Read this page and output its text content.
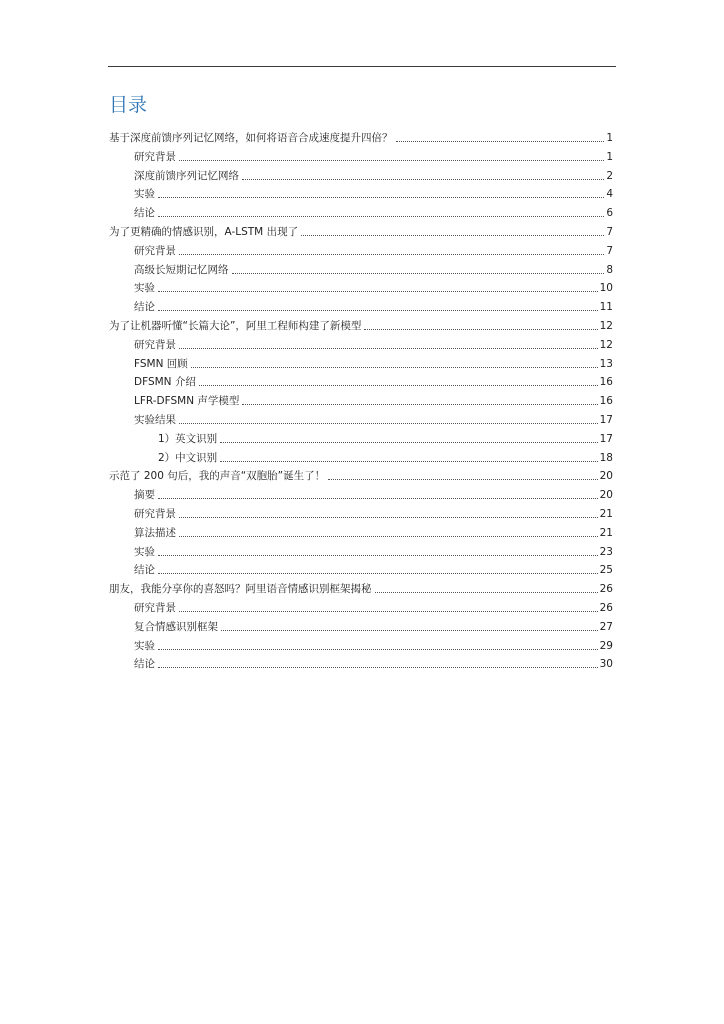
目录
基于深度前馈序列记忆网络，如何将语音合成速度提升四倍？	1
研究背景	1
深度前馈序列记忆网络	2
实验	4
结论	6
为了更精确的情感识别，A-LSTM 出现了	7
研究背景	7
高级长短期记忆网络	8
实验	10
结论	11
为了让机器听懂“长篇大论”，阿里工程师构建了新模型	12
研究背景	12
FSMN 回顾	13
DFSMN 介绍	16
LFR-DFSMN 声学模型	16
实验结果	17
1）英文识别	17
2）中文识别	18
示范了 200 句后，我的声音“双胞胎”诞生了！	20
摘要	20
研究背景	21
算法描述	21
实验	23
结论	25
朋友，我能分享你的喜怒吗？阿里语音情感识别框架揭秘	26
研究背景	26
复合情感识别框架	27
实验	29
结论	30
